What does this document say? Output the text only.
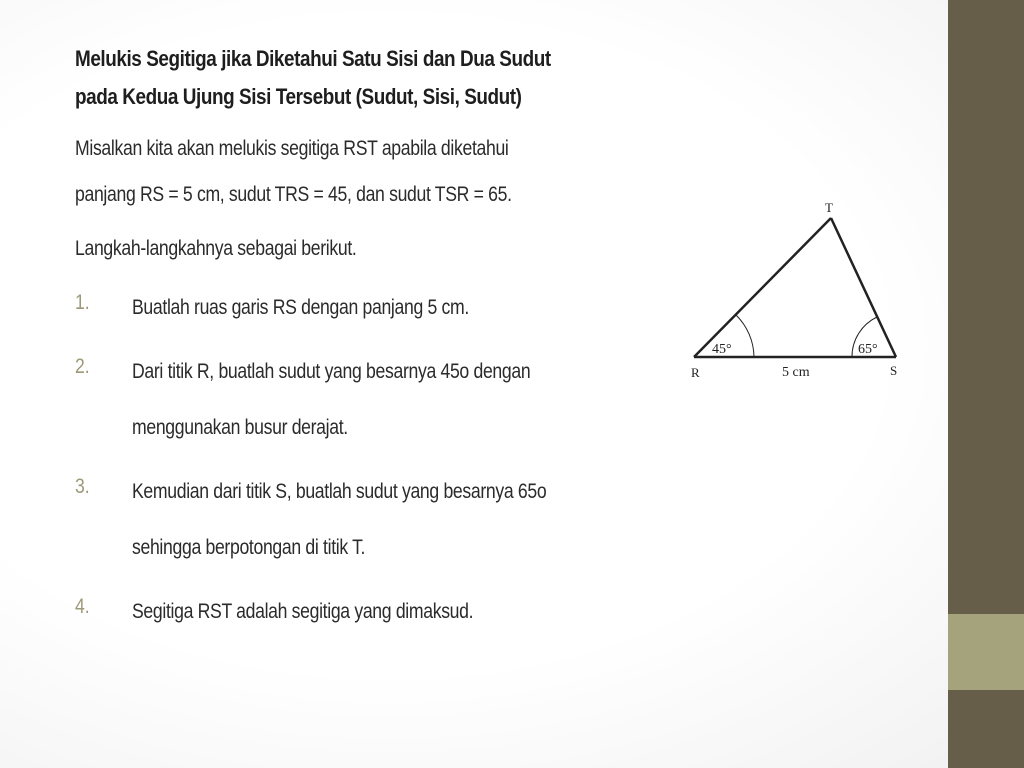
Melukis Segitiga jika Diketahui Satu Sisi dan Dua Sudut
pada Kedua Ujung Sisi Tersebut (Sudut, Sisi, Sudut)
Misalkan kita akan melukis segitiga RST apabila diketahui
panjang RS = 5 cm, sudut TRS = 45, dan sudut TSR = 65.
Langkah-langkahnya sebagai berikut.
1. Buatlah ruas garis RS dengan panjang 5 cm.
2. Dari titik R, buatlah sudut yang besarnya 45o dengan
menggunakan busur derajat.
3. Kemudian dari titik S, buatlah sudut yang besarnya 65o
sehingga berpotongan di titik T.
4. Segitiga RST adalah segitiga yang dimaksud.
T
R	S
45°	65°
5 cm
